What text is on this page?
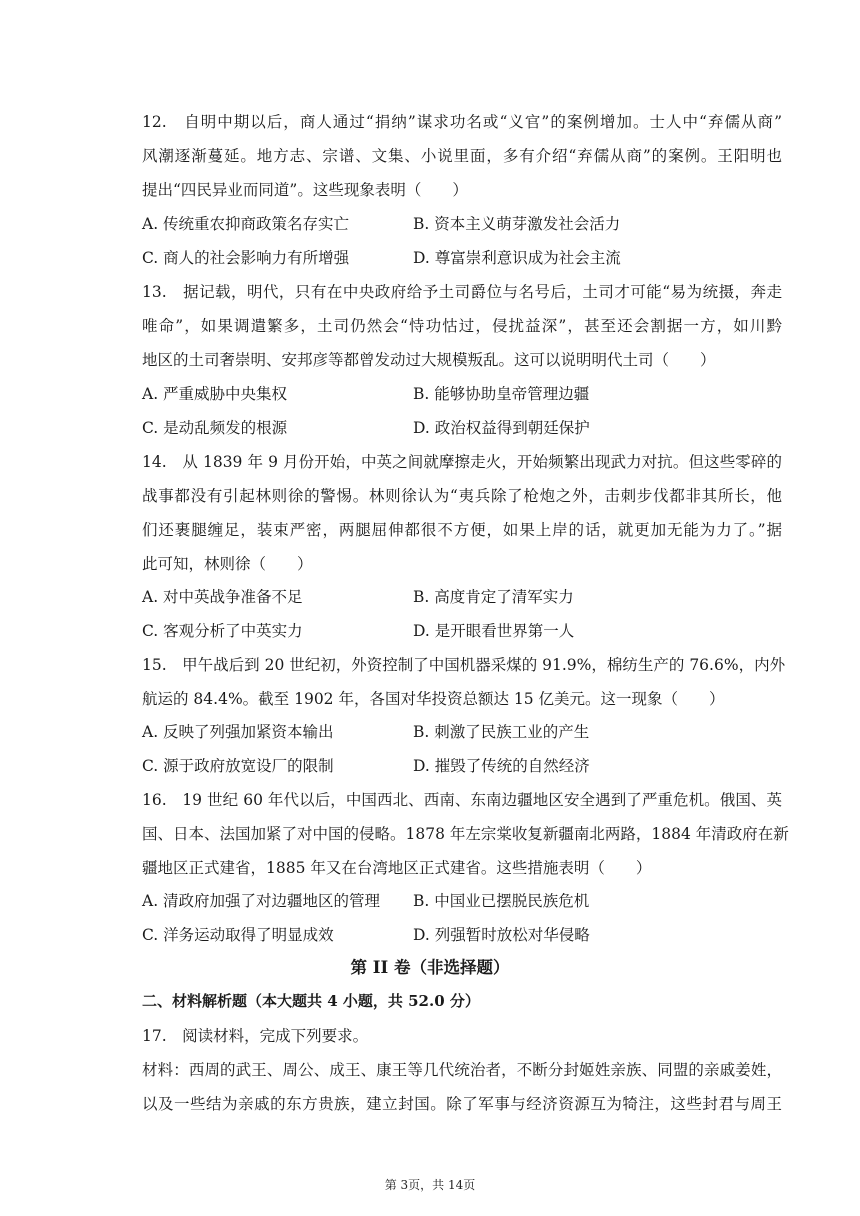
12.　自明中期以后，商人通过“捐纳”谋求功名或“义官”的案例增加。士人中“弃儒从商”
风潮逐渐蔓延。地方志、宗谱、文集、小说里面，多有介绍“弃儒从商”的案例。王阳明也
提出“四民异业而同道”。这些现象表明（　　）
A. 传统重农抑商政策名存实亡	B. 资本主义萌芽激发社会活力
C. 商人的社会影响力有所增强	D. 尊富崇利意识成为社会主流
13.　据记载，明代，只有在中央政府给予土司爵位与名号后，土司才可能“易为统摄，奔走
唯命”，如果调遣繁多，土司仍然会“恃功怙过，侵扰益深”，甚至还会割据一方，如川黔
地区的土司奢崇明、安邦彦等都曾发动过大规模叛乱。这可以说明明代土司（　　）
A. 严重威胁中央集权	B. 能够协助皇帝管理边疆
C. 是动乱频发的根源	D. 政治权益得到朝廷保护
14.　从 1839 年 9 月份开始，中英之间就摩擦走火，开始频繁出现武力对抗。但这些零碎的
战事都没有引起林则徐的警惕。林则徐认为“夷兵除了枪炮之外，击刺步伐都非其所长，他
们还裹腿缠足，装束严密，两腿屈伸都很不方便，如果上岸的话，就更加无能为力了。”据
此可知，林则徐（　　）
A. 对中英战争准备不足	B. 高度肯定了清军实力
C. 客观分析了中英实力	D. 是开眼看世界第一人
15.　甲午战后到 20 世纪初，外资控制了中国机器采煤的 91.9%，棉纺生产的 76.6%，内外
航运的 84.4%。截至 1902 年，各国对华投资总额达 15 亿美元。这一现象（　　）
A. 反映了列强加紧资本输出	B. 刺激了民族工业的产生
C. 源于政府放宽设厂的限制	D. 摧毁了传统的自然经济
16.　19 世纪 60 年代以后，中国西北、西南、东南边疆地区安全遇到了严重危机。俄国、英
国、日本、法国加紧了对中国的侵略。1878 年左宗棠收复新疆南北两路，1884 年清政府在新
疆地区正式建省，1885 年又在台湾地区正式建省。这些措施表明（　　）
A. 清政府加强了对边疆地区的管理 B. 中国业已摆脱民族危机
C. 洋务运动取得了明显成效	D. 列强暂时放松对华侵略
第 II 卷（非选择题）
二、材料解析题（本大题共 4 小题，共 52.0 分）
17.　阅读材料，完成下列要求。
材料：西周的武王、周公、成王、康王等几代统治者，不断分封姬姓亲族、同盟的亲戚姜姓，
以及一些结为亲戚的东方贵族，建立封国。除了军事与经济资源互为犄注，这些封君与周王
第 3页，共 14页
